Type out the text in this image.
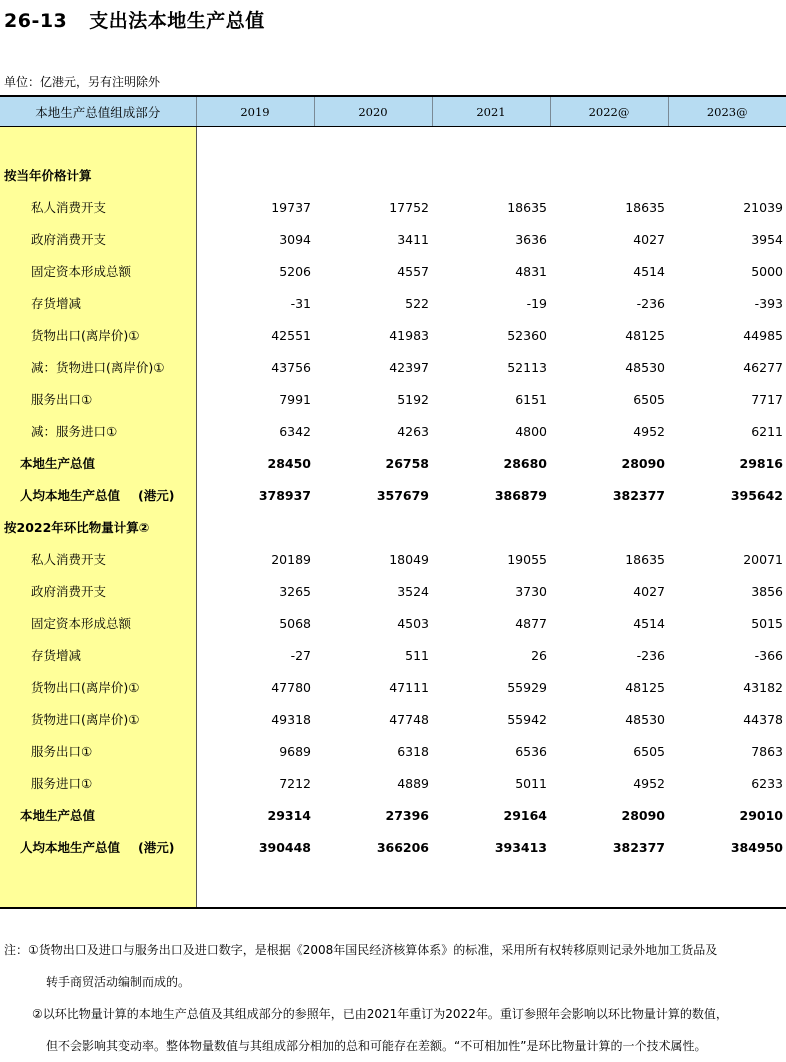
26-13 支出法本地生产总值
单位：亿港元，另有注明除外
本地生产总值组成部分	2019	2020	2021	2022@	2023@

按当年价格计算					
私人消费开支	19737	17752	18635	18635	21039
政府消费开支	3094	3411	3636	4027	3954
固定资本形成总额	5206	4557	4831	4514	5000
存货增减	-31	522	-19	-236	-393
货物出口(离岸价)①	42551	41983	52360	48125	44985
减：货物进口(离岸价)①	43756	42397	52113	48530	46277
服务出口①	7991	5192	6151	6505	7717
减：服务进口①	6342	4263	4800	4952	6211
本地生产总值	28450	26758	28680	28090	29816
人均本地生产总值 (港元)	378937	357679	386879	382377	395642
按2022年环比物量计算②					
私人消费开支	20189	18049	19055	18635	20071
政府消费开支	3265	3524	3730	4027	3856
固定资本形成总额	5068	4503	4877	4514	5015
存货增减	-27	511	26	-236	-366
货物出口(离岸价)①	47780	47111	55929	48125	43182
货物进口(离岸价)①	49318	47748	55942	48530	44378
服务出口①	9689	6318	6536	6505	7863
服务进口①	7212	4889	5011	4952	6233
本地生产总值	29314	27396	29164	28090	29010
人均本地生产总值 (港元)	390448	366206	393413	382377	384950

注：①货物出口及进口与服务出口及进口数字，是根据《2008年国民经济核算体系》的标准，采用所有权转移原则记录外地加工货品及

转手商贸活动编制而成的。

②以环比物量计算的本地生产总值及其组成部分的参照年，已由2021年重订为2022年。重订参照年会影响以环比物量计算的数值，

但不会影响其变动率。整体物量数值与其组成部分相加的总和可能存在差额。“不可相加性”是环比物量计算的一个技术属性。
